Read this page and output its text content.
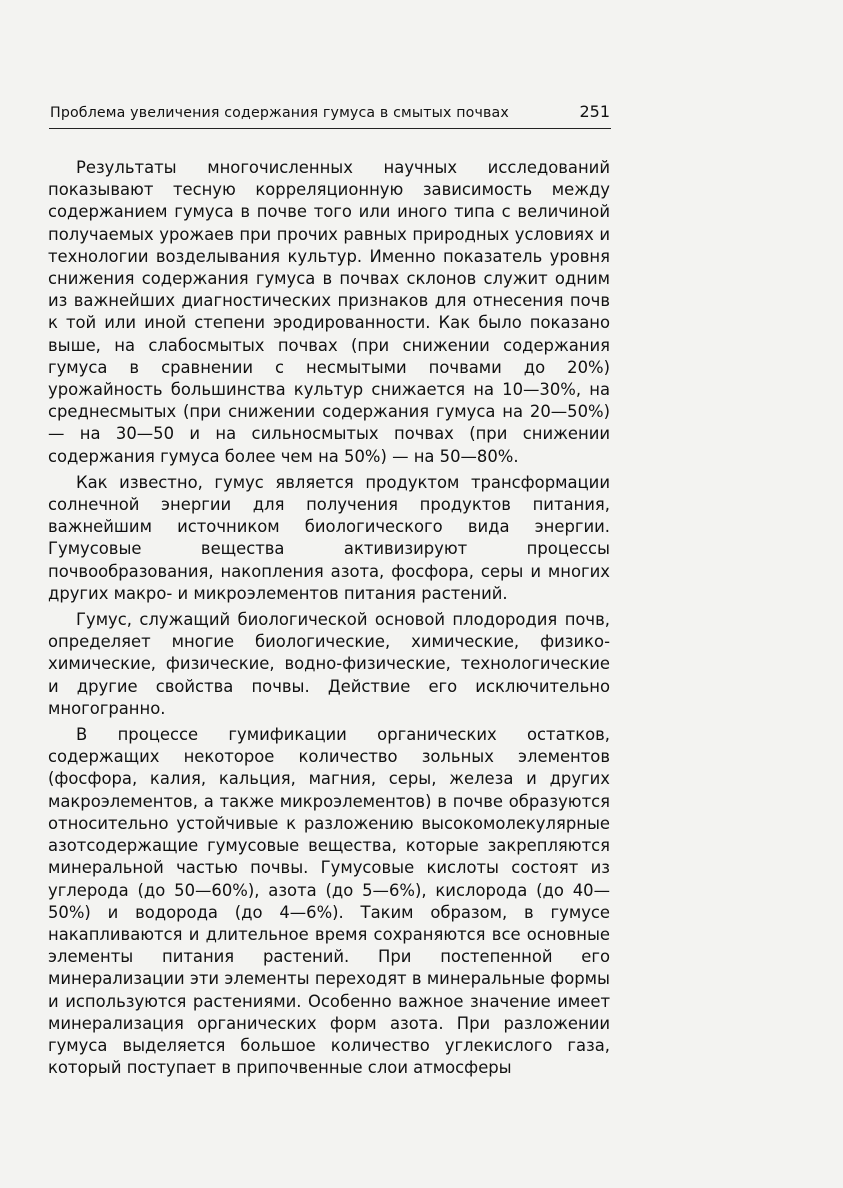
Проблема увеличения содержания гумуса в смытых почвах	251

Результаты многочисленных научных исследований показывают тесную корреляционную зависимость между содержанием гумуса в почве того или иного типа с величиной получаемых урожаев при прочих равных природных условиях и технологии возделывания культур. Именно показатель уровня снижения содержания гумуса в почвах склонов служит одним из важнейших диагностических признаков для отнесения почв к той или иной степени эродированности. Как было показано выше, на слабосмытых почвах (при снижении содержания гумуса в сравнении с несмытыми почвами до 20%) урожайность большинства культур снижается на 10—30%, на среднесмытых (при снижении содержания гумуса на 20—50%) — на 30—50 и на сильносмытых почвах (при снижении содержания гумуса более чем на 50%) — на 50—80%.

Как известно, гумус является продуктом трансформации солнечной энергии для получения продуктов питания, важнейшим источником биологического вида энергии. Гумусовые вещества активизируют процессы почвообразования, накопления азота, фосфора, серы и многих других макро- и микроэлементов питания растений.

Гумус, служащий биологической основой плодородия почв, определяет многие биологические, химические, физико-химические, физические, водно-физические, технологические и другие свойства почвы. Действие его исключительно многогранно.

В процессе гумификации органических остатков, содержащих некоторое количество зольных элементов (фосфора, калия, кальция, магния, серы, железа и других макроэлементов, а также микроэлементов) в почве образуются относительно устойчивые к разложению высокомолекулярные азотсодержащие гумусовые вещества, которые закрепляются минеральной частью почвы. Гумусовые кислоты состоят из углерода (до 50—60%), азота (до 5—6%), кислорода (до 40—50%) и водорода (до 4—6%). Таким образом, в гумусе накапливаются и длительное время сохраняются все основные элементы питания растений. При постепенной его минерализации эти элементы переходят в минеральные формы и используются растениями. Особенно важное значение имеет минерализация органических форм азота. При разложении гумуса выделяется большое количество углекислого газа, который поступает в припочвенные слои атмосферы
